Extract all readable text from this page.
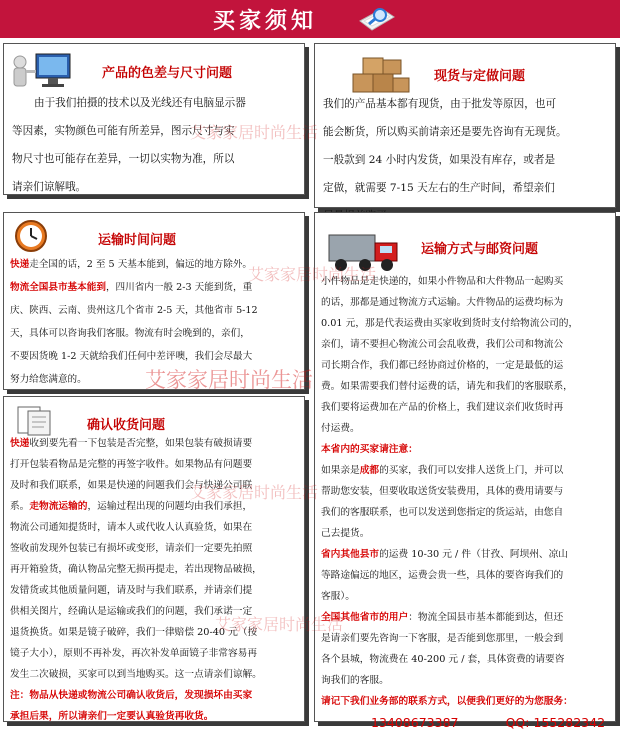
买家须知
产品的色差与尺寸问题
由于我们拍摄的技术以及光线还有电脑显示器
等因素，实物颜色可能有所差异，图示尺寸与实
物尺寸也可能存在差异，一切以实物为准，所以
请亲们谅解哦。
现货与定做问题
我们的产品基本都有现货，由于批发等原因，也可
能会断货，所以购买前请亲还是要先咨询有无现货。
一般款到 24 小时内发货，如果没有库存，或者是
定做，就需要 7-15 天左右的生产时间，希望亲们
运输时间问题
快递走全国的话，2 至 5 天基本能到，偏远的地方除外。
物流全国县市基本能到，四川省内一般 2-3 天能到货，重
庆、陕西、云南、贵州这几个省市 2-5 天，其他省市 5-12
天，具体可以咨询我们客服。物流有时会晚到的，亲们，
不要因货晚 1-2 天就给我们任何中差评噢，我们会尽最大
努力给您满意的。
运输方式与邮资问题
小件物品是走快递的，如果小件物品和大件物品一起购买
的话，那都是通过物流方式运输。大件物品的运费均标为
0.01 元，那是代表运费由买家收到货时支付给物流公司的，
亲们，请不要担心物流公司会乱收费，我们公司和物流公
司长期合作，我们都已经协商过价格的，一定是最低的运
费。如果需要我们替付运费的话，请先和我们的客服联系，
我们要将运费加在产品的价格上，我们建议亲们收货时再
付运费。
本省内的买家请注意：
如果亲是成都的买家，我们可以安排人送货上门，并可以
帮助您安装，但要收取送货安装费用，具体的费用请要与
我们的客服联系，也可以发送到您指定的货运站，由您自
己去提货。
省内其他县市的运费 10-30 元 / 件（甘孜、阿坝州、凉山
等路途偏远的地区，运费会贵一些，具体的要咨询我们的
客服）。
全国其他省市的用户：物流全国县市基本都能到达，但还
是请亲们要先咨询一下客服，是否能到您那里，一般会到
各个县城，物流费在 40-200 元 / 套，具体资费的请要咨
询我们的客服。
请记下我们业务部的联系方式，以便我们更好的为您服务：
13408673387	QQ: 155282342
确认收货问题
快递收到要先看一下包装是否完整，如果包装有破损请要
打开包装看物品是完整的再签字收件。如果物品有问题要
及时和我们联系，如果是快递的问题我们会与快递公司联
系。走物流运输的，运输过程出现的问题均由我们承担，
物流公司通知提货时，请本人或代收人认真验货，如果在
签收前发现外包装已有损坏或变形，请亲们一定要先拍照
再开箱验货，确认物品完整无损再提走，若出现物品破损，
发错货或其他质量问题，请及时与我们联系，并请亲们提
供相关图片，经确认是运输或我们的问题，我们承诺一定
退货换货。如果是镜子破碎，我们一律赔偿 20-40 元（按
镜子大小），原则不再补发，再次补发单面镜子非常容易再
发生二次破损，买家可以到当地购买。这一点请亲们谅解。
注：物品从快递或物流公司确认收货后，发现损坏由买家
承担后果，所以请亲们一定要认真验货再收货。
艾家家居时尚生活
艾家家居时尚生活
艾家家居时尚生活
艾家家居时尚生活
艾家家居时尚生活
